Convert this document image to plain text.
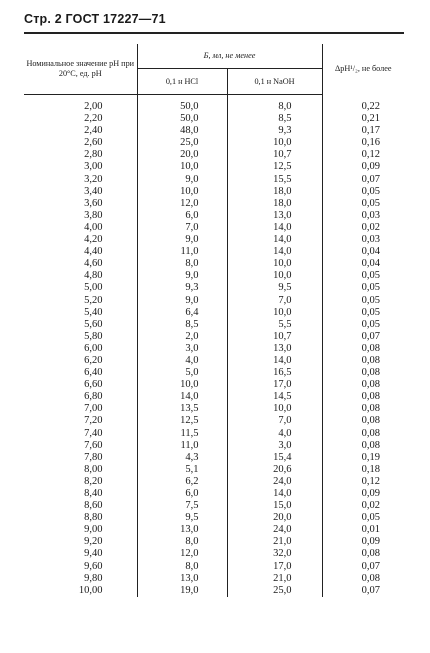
Стр. 2 ГОСТ 17227—71
Номинальное значение рН при 20°С, ед. рН	Б, мл, не менее		ΔрН¹/₂, не более
	0,1 н HCl	0,1 н NaOH	
2,00	50,0	8,0	0,22
2,20	50,0	8,5	0,21
2,40	48,0	9,3	0,17
2,60	25,0	10,0	0,16
2,80	20,0	10,7	0,12
3,00	10,0	12,5	0,09
3,20	9,0	15,5	0,07
3,40	10,0	18,0	0,05
3,60	12,0	18,0	0,05
3,80	6,0	13,0	0,03
4,00	7,0	14,0	0,02
4,20	9,0	14,0	0,03
4,40	11,0	14,0	0,04
4,60	8,0	10,0	0,04
4,80	9,0	10,0	0,05
5,00	9,3	9,5	0,05
5,20	9,0	7,0	0,05
5,40	6,4	10,0	0,05
5,60	8,5	5,5	0,05
5,80	2,0	10,7	0,07
6,00	3,0	13,0	0,08
6,20	4,0	14,0	0,08
6,40	5,0	16,5	0,08
6,60	10,0	17,0	0,08
6,80	14,0	14,5	0,08
7,00	13,5	10,0	0,08
7,20	12,5	7,0	0,08
7,40	11,5	4,0	0,08
7,60	11,0	3,0	0,08
7,80	4,3	15,4	0,19
8,00	5,1	20,6	0,18
8,20	6,2	24,0	0,12
8,40	6,0	14,0	0,09
8,60	7,5	15,0	0,02
8,80	9,5	20,0	0,05
9,00	13,0	24,0	0,01
9,20	8,0	21,0	0,09
9,40	12,0	32,0	0,08
9,60	8,0	17,0	0,07
9,80	13,0	21,0	0,08
10,00	19,0	25,0	0,07
